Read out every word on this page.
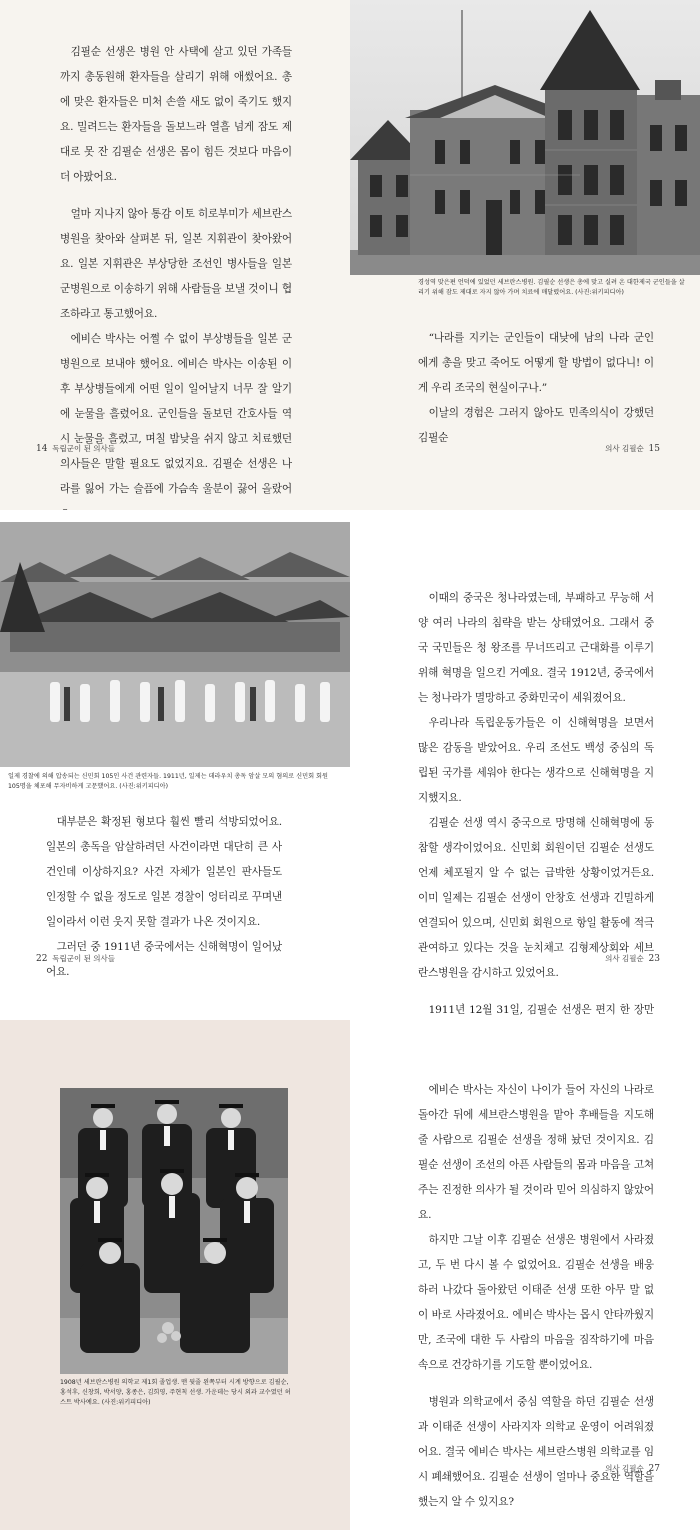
김필순 선생은 병원 안 사택에 살고 있던 가족들까지 총동원해 환자들을 살리기 위해 애썼어요. 총에 맞은 환자들은 미처 손쓸 새도 없이 죽기도 했지요. 밀려드는 환자들을 돌보느라 열흘 넘게 잠도 제대로 못 잔 김필순 선생은 몸이 힘든 것보다 마음이 더 아팠어요.

얼마 지나지 않아 통감 이토 히로부미가 세브란스병원을 찾아와 살펴본 뒤, 일본 지휘관이 찾아왔어요. 일본 지휘관은 부상당한 조선인 병사들을 일본 군병원으로 이송하기 위해 사람들을 보낼 것이니 협조하라고 통고했어요.

에비슨 박사는 어쩔 수 없이 부상병들을 일본 군병원으로 보내야 했어요. 에비슨 박사는 이송된 이후 부상병들에게 어떤 일이 일어날지 너무 잘 알기에 눈물을 흘렸어요. 군인들을 돌보던 간호사들 역시 눈물을 흘렸고, 며칠 밤낮을 쉬지 않고 치료했던 의사들은 말할 필요도 없었지요. 김필순 선생은 나라를 잃어 가는 슬픔에 가슴속 울분이 끓어 올랐어

14 독립군이 된 의사들
경성역 맞은편 언덕에 있었던 세브란스병원. 김필순 선생은 총에 맞고 실려 온 대한제국 군인들을 살리기 위해 잠도 제대로 자지 않아 가며 치료에 매달렸어요. (사진:위키피디아)

“나라를 지키는 군인들이 대낮에 남의 나라 군인에게 총을 맞고 죽어도 어떻게 할 방법이 없다니! 이게 우리 조국의 현실이구나.”

이날의 경험은 그러지 않아도 민족의식이 강했던 김필순

의사 김필순 15
일제 경찰에 의해 압송되는 신민회 105인 사건 관련자들. 1911년, 일제는 데라우치 총독 암살 모의 혐의로 신민회 회원 105명을 체포해 무자비하게 고문했어요. (사진:위키피디아)

대부분은 확정된 형보다 훨씬 빨리 석방되었어요. 일본의 총독을 암살하려던 사건이라면 대단히 큰 사건인데 이상하지요? 사건 자체가 일본인 판사들도 인정할 수 없을 정도로 일본 경찰이 엉터리로 꾸며낸 일이라서 이런 웃지 못할 결과가 나온 것이지요.

그러던 중 1911년 중국에서는 신해혁명이 일어났어요.

22 독립군이 된 의사들

이때의 중국은 청나라였는데, 부패하고 무능해 서양 여러 나라의 침략을 받는 상태였어요. 그래서 중국 국민들은 청 왕조를 무너뜨리고 근대화를 이루기 위해 혁명을 일으킨 거예요. 결국 1912년, 중국에서는 청나라가 멸망하고 중화민국이 세워졌어요.

우리나라 독립운동가들은 이 신해혁명을 보면서 많은 감동을 받았어요. 우리 조선도 백성 중심의 독립된 국가를 세워야 한다는 생각으로 신해혁명을 지지했지요.

김필순 선생 역시 중국으로 망명해 신해혁명에 동참할 생각이었어요. 신민회 회원이던 김필순 선생도 언제 체포될지 알 수 없는 급박한 상황이었거든요. 이미 일제는 김필순 선생이 안창호 선생과 긴밀하게 연결되어 있으며, 신민회 회원으로 항일 활동에 적극 관여하고 있다는 것을 눈치채고 김형제상회와 세브란스병원을 감시하고 있었어요.

1911년 12월 31일, 김필순 선생은 편지 한 장만

의사 김필순 23
1908년 세브란스병원 의학교 제1회 졸업생. 맨 뒷줄 왼쪽부터 시계 방향으로 김필순, 홍석후, 신창희, 박서양, 홍종은, 김희영, 주현칙 선생. 가운데는 당시 외과 교수였던 허스트 박사예요. (사진:위키피디아)

에비슨 박사는 자신이 나이가 들어 자신의 나라로 돌아간 뒤에 세브란스병원을 맡아 후배들을 지도해 줄 사람으로 김필순 선생을 정해 놨던 것이지요. 김필순 선생이 조선의 아픈 사람들의 몸과 마음을 고쳐 주는 진정한 의사가 될 것이라 믿어 의심하지 않았어요.

하지만 그날 이후 김필순 선생은 병원에서 사라졌고, 두 번 다시 볼 수 없었어요. 김필순 선생을 배웅하러 나갔다 돌아왔던 이태준 선생 또한 아무 말 없이 바로 사라졌어요. 에비슨 박사는 몹시 안타까웠지만, 조국에 대한 두 사람의 마음을 짐작하기에 마음속으로 건강하기를 기도할 뿐이었어요.

병원과 의학교에서 중심 역할을 하던 김필순 선생과 이태준 선생이 사라지자 의학교 운영이 어려워졌어요. 결국 에비슨 박사는 세브란스병원 의학교를 임시 폐쇄했어요. 김필순 선생이 얼마나 중요한 역할을 했는지 알 수 있지요?

의사 김필순 27
